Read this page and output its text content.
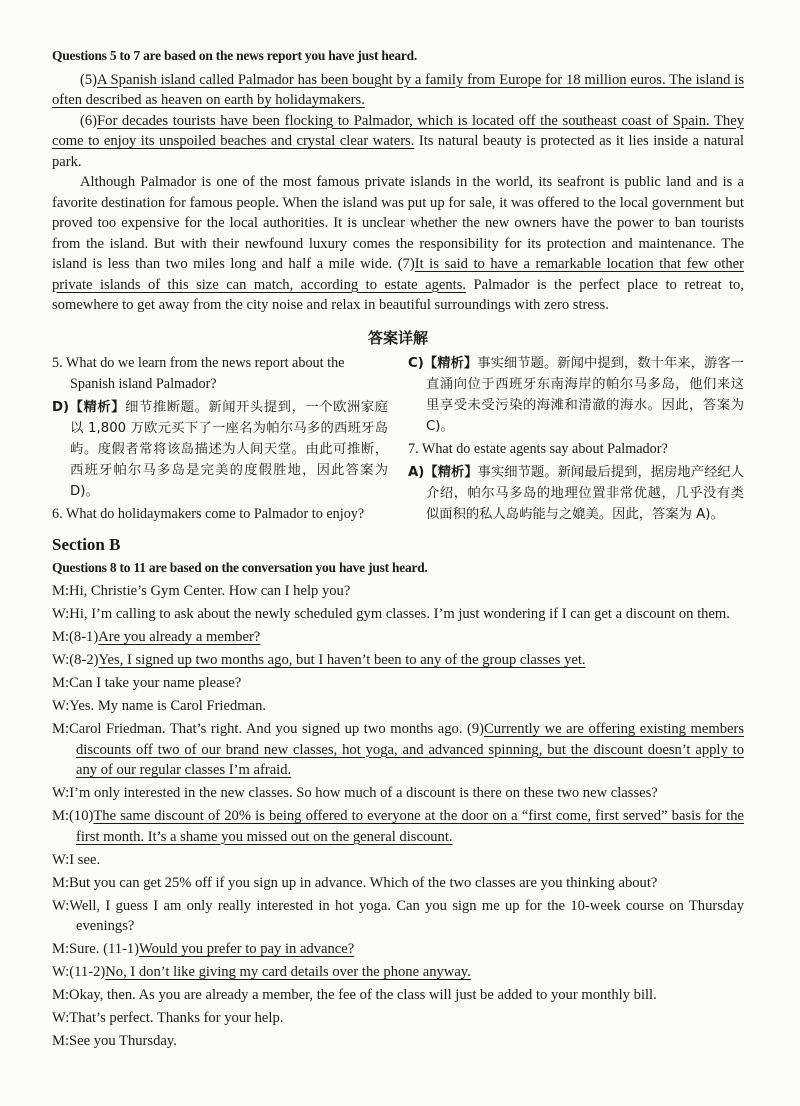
Questions 5 to 7 are based on the news report you have just heard.

(5)A Spanish island called Palmador has been bought by a family from Europe for 18 million euros. The island is often described as heaven on earth by holidaymakers.

(6)For decades tourists have been flocking to Palmador, which is located off the southeast coast of Spain. They come to enjoy its unspoiled beaches and crystal clear waters. Its natural beauty is protected as it lies inside a natural park.

Although Palmador is one of the most famous private islands in the world, its seafront is public land and is a favorite destination for famous people. When the island was put up for sale, it was offered to the local government but proved too expensive for the local authorities. It is unclear whether the new owners have the power to ban tourists from the island. But with their newfound luxury comes the responsibility for its protection and maintenance. The island is less than two miles long and half a mile wide. (7)It is said to have a remarkable location that few other private islands of this size can match, according to estate agents. Palmador is the perfect place to retreat to, somewhere to get away from the city noise and relax in beautiful surroundings with zero stress.

答案详解

5. What do we learn from the news report about the Spanish island Palmador?

D)【精析】细节推断题。新闻开头提到，一个欧洲家庭以 1,800 万欧元买下了一座名为帕尔马多的西班牙岛屿。度假者常将该岛描述为人间天堂。由此可推断，西班牙帕尔马多岛是完美的度假胜地，因此答案为 D)。

6. What do holidaymakers come to Palmador to enjoy?

C)【精析】事实细节题。新闻中提到，数十年来，游客一直涌向位于西班牙东南海岸的帕尔马多岛，他们来这里享受未受污染的海滩和清澈的海水。因此，答案为 C)。

7. What do estate agents say about Palmador?

A)【精析】事实细节题。新闻最后提到，据房地产经纪人介绍，帕尔马多岛的地理位置非常优越，几乎没有类似面积的私人岛屿能与之媲美。因此，答案为 A)。

Section B

Questions 8 to 11 are based on the conversation you have just heard.

M:Hi, Christie’s Gym Center. How can I help you?

W:Hi, I’m calling to ask about the newly scheduled gym classes. I’m just wondering if I can get a discount on them.

M:(8-1)Are you already a member?

W:(8-2)Yes, I signed up two months ago, but I haven’t been to any of the group classes yet.

M:Can I take your name please?

W:Yes. My name is Carol Friedman.

M:Carol Friedman. That’s right. And you signed up two months ago. (9)Currently we are offering existing members discounts off two of our brand new classes, hot yoga, and advanced spinning, but the discount doesn’t apply to any of our regular classes I’m afraid.

W:I’m only interested in the new classes. So how much of a discount is there on these two new classes?

M:(10)The same discount of 20% is being offered to everyone at the door on a “first come, first served” basis for the first month. It’s a shame you missed out on the general discount.

W:I see.

M:But you can get 25% off if you sign up in advance. Which of the two classes are you thinking about?

W:Well, I guess I am only really interested in hot yoga. Can you sign me up for the 10-week course on Thursday evenings?

M:Sure. (11-1)Would you prefer to pay in advance?

W:(11-2)No, I don’t like giving my card details over the phone anyway.

M:Okay, then. As you are already a member, the fee of the class will just be added to your monthly bill.

W:That’s perfect. Thanks for your help.

M:See you Thursday.
